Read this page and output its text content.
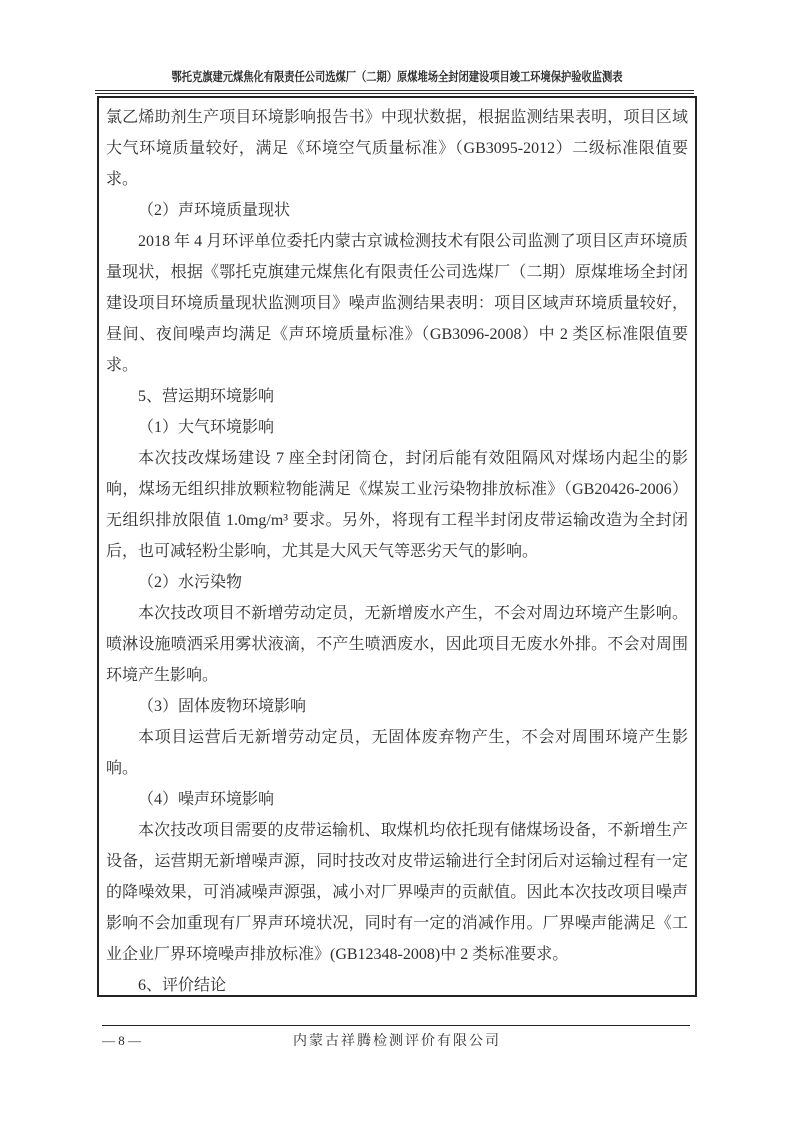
鄂托克旗建元煤焦化有限责任公司选煤厂（二期）原煤堆场全封闭建设项目竣工环境保护验收监测表

氯乙烯助剂生产项目环境影响报告书》中现状数据，根据监测结果表明，项目区域大气环境质量较好，满足《环境空气质量标准》（GB3095-2012）二级标准限值要求。

（2）声环境质量现状

2018 年 4 月环评单位委托内蒙古京诚检测技术有限公司监测了项目区声环境质量现状，根据《鄂托克旗建元煤焦化有限责任公司选煤厂（二期）原煤堆场全封闭建设项目环境质量现状监测项目》噪声监测结果表明：项目区域声环境质量较好，昼间、夜间噪声均满足《声环境质量标准》（GB3096-2008）中 2 类区标准限值要求。

5、营运期环境影响

（1）大气环境影响

本次技改煤场建设 7 座全封闭筒仓，封闭后能有效阻隔风对煤场内起尘的影响，煤场无组织排放颗粒物能满足《煤炭工业污染物排放标准》（GB20426-2006）无组织排放限值 1.0mg/m³ 要求。另外，将现有工程半封闭皮带运输改造为全封闭后，也可减轻粉尘影响，尤其是大风天气等恶劣天气的影响。

（2）水污染物

本次技改项目不新增劳动定员，无新增废水产生，不会对周边环境产生影响。喷淋设施喷洒采用雾状液滴，不产生喷洒废水，因此项目无废水外排。不会对周围环境产生影响。

（3）固体废物环境影响

本项目运营后无新增劳动定员，无固体废弃物产生，不会对周围环境产生影响。

（4）噪声环境影响

本次技改项目需要的皮带运输机、取煤机均依托现有储煤场设备，不新增生产设备，运营期无新增噪声源，同时技改对皮带运输进行全封闭后对运输过程有一定的降噪效果，可消减噪声源强，减小对厂界噪声的贡献值。因此本次技改项目噪声影响不会加重现有厂界声环境状况，同时有一定的消减作用。厂界噪声能满足《工业企业厂界环境噪声排放标准》(GB12348-2008)中 2 类标准要求。

6、评价结论

内蒙古祥腾检测评价有限公司
— 8 —
